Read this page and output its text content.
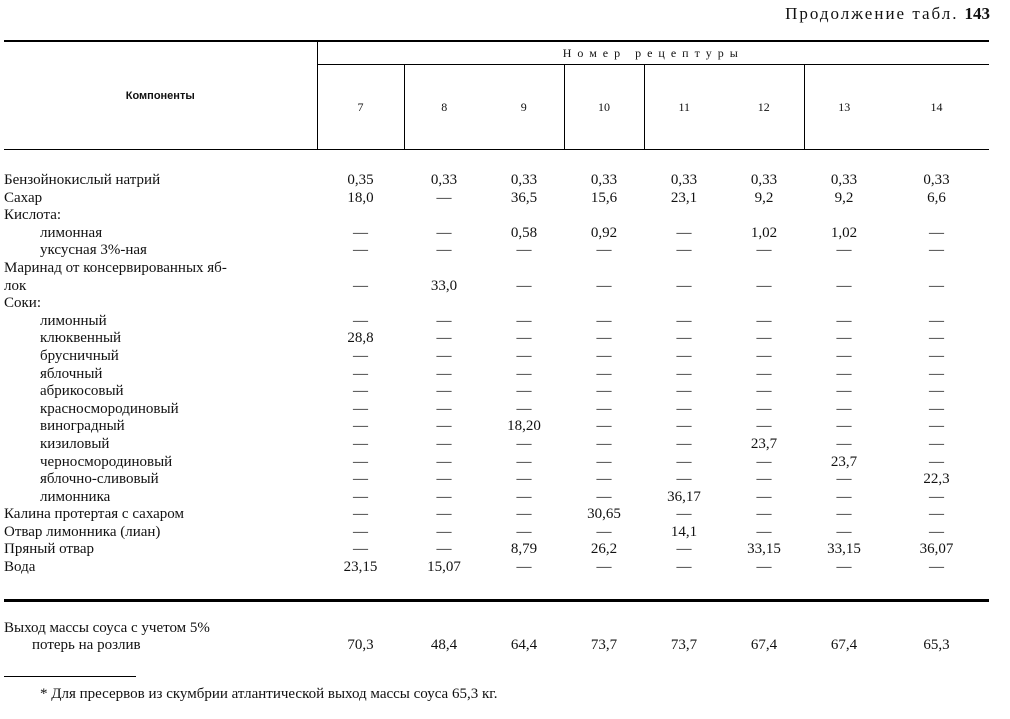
Продолжение табл. 143
Компоненты	Номер рецептуры							
	7	8	9	10	11	12	13	14

Бензойнокислый натрий	0,35	0,33	0,33	0,33	0,33	0,33	0,33	0,33
Сахар	18,0	—	36,5	15,6	23,1	9,2	9,2	6,6
Кислота:								
лимонная	—	—	0,58	0,92	—	1,02	1,02	—
уксусная 3%-ная	—	—	—	—	—	—	—	—
Маринад от консервированных яб-								
лок	—	33,0	—	—	—	—	—	—
Соки:								
лимонный	—	—	—	—	—	—	—	—
клюквенный	28,8	—	—	—	—	—	—	—
брусничный	—	—	—	—	—	—	—	—
яблочный	—	—	—	—	—	—	—	—
абрикосовый	—	—	—	—	—	—	—	—
красносмородиновый	—	—	—	—	—	—	—	—
виноградный	—	—	18,20	—	—	—	—	—
кизиловый	—	—	—	—	—	23,7	—	—
черносмородиновый	—	—	—	—	—	—	23,7	—
яблочно-сливовый	—	—	—	—	—	—	—	22,3
лимонника	—	—	—	—	36,17	—	—	—
Калина протертая с сахаром	—	—	—	30,65	—	—	—	—
Отвар лимонника (лиан)	—	—	—	—	14,1	—	—	—
Пряный отвар	—	—	8,79	26,2	—	33,15	33,15	36,07
Вода	23,15	15,07	—	—	—	—	—	—

Выход массы соуса с учетом 5%								
потерь на розлив	70,3	48,4	64,4	73,7	73,7	67,4	67,4	65,3
* Для пресервов из скумбрии атлантической выход массы соуса 65,3 кг.
